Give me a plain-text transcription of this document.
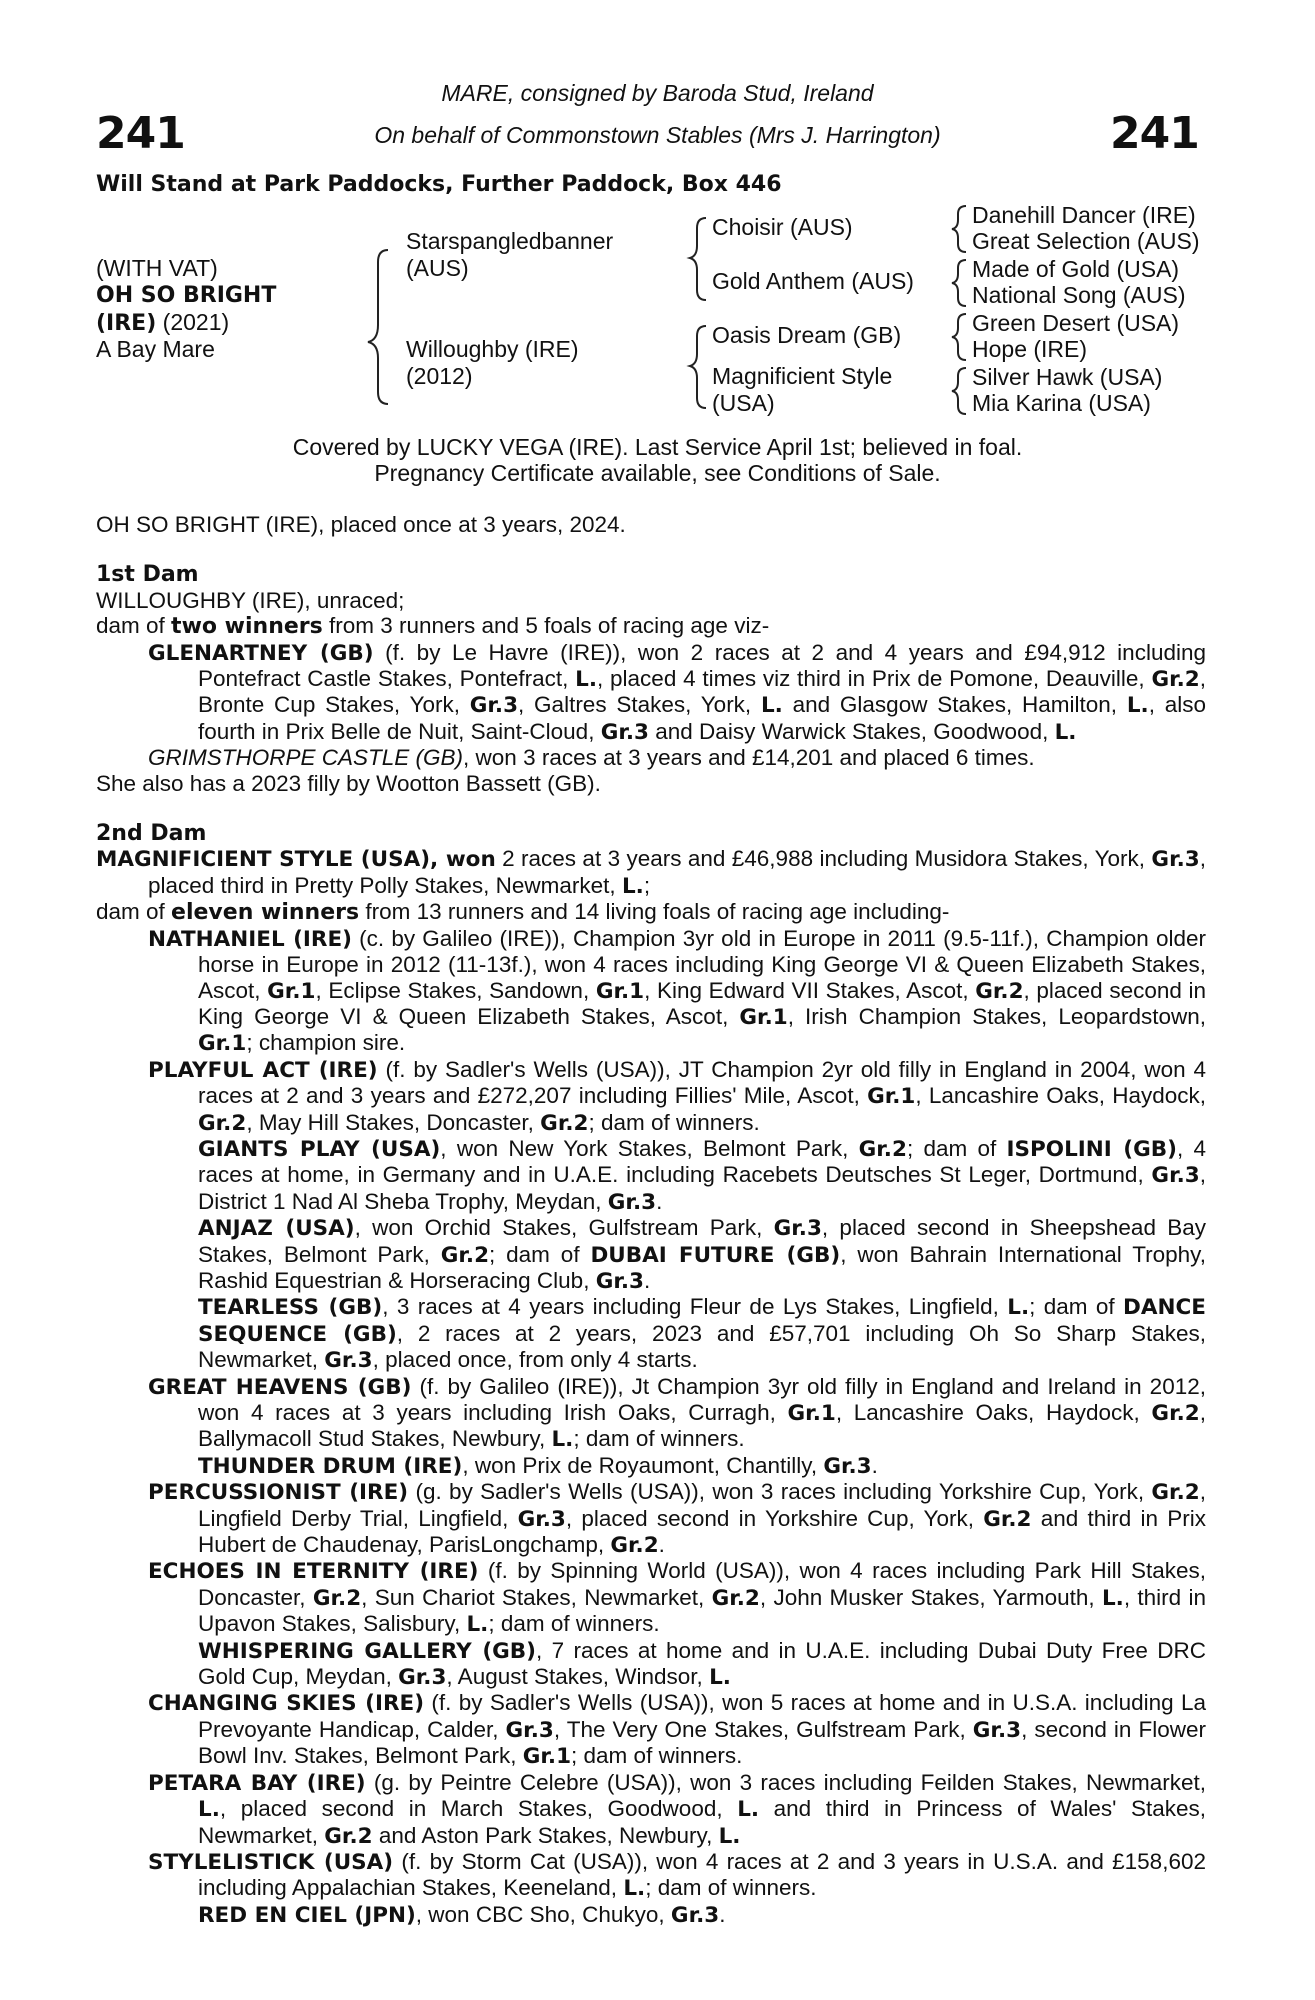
241	241
MARE, consigned by Baroda Stud, Ireland
On behalf of Commonstown Stables (Mrs J. Harrington)
Will Stand at Park Paddocks, Further Paddock, Box 446
(WITH VAT)
OH SO BRIGHT
(IRE) (2021)
A Bay Mare
Starspangledbanner
(AUS)
Willoughby (IRE)
(2012)
Choisir (AUS)
Gold Anthem (AUS)
Oasis Dream (GB)
Magnificient Style
(USA)
Danehill Dancer (IRE)
Great Selection (AUS)
Made of Gold (USA)
National Song (AUS)
Green Desert (USA)
Hope (IRE)
Silver Hawk (USA)
Mia Karina (USA)
Covered by LUCKY VEGA (IRE). Last Service April 1st; believed in foal.
Pregnancy Certificate available, see Conditions of Sale.

OH SO BRIGHT (IRE), placed once at 3 years, 2024.

1st Dam

WILLOUGHBY (IRE), unraced;

dam of two winners from 3 runners and 5 foals of racing age viz-

GLENARTNEY (GB) (f. by Le Havre (IRE)), won 2 races at 2 and 4 years and £94,912 including Pontefract Castle Stakes, Pontefract, L., placed 4 times viz third in Prix de Pomone, Deauville, Gr.2, Bronte Cup Stakes, York, Gr.3, Galtres Stakes, York, L. and Glasgow Stakes, Hamilton, L., also fourth in Prix Belle de Nuit, Saint-Cloud, Gr.3 and Daisy Warwick Stakes, Goodwood, L.

GRIMSTHORPE CASTLE (GB), won 3 races at 3 years and £14,201 and placed 6 times.

She also has a 2023 filly by Wootton Bassett (GB).

2nd Dam

MAGNIFICIENT STYLE (USA), won 2 races at 3 years and £46,988 including Musidora Stakes, York, Gr.3, placed third in Pretty Polly Stakes, Newmarket, L.;

dam of eleven winners from 13 runners and 14 living foals of racing age including-

NATHANIEL (IRE) (c. by Galileo (IRE)), Champion 3yr old in Europe in 2011 (9.5-11f.), Champion older horse in Europe in 2012 (11-13f.), won 4 races including King George VI & Queen Elizabeth Stakes, Ascot, Gr.1, Eclipse Stakes, Sandown, Gr.1, King Edward VII Stakes, Ascot, Gr.2, placed second in King George VI & Queen Elizabeth Stakes, Ascot, Gr.1, Irish Champion Stakes, Leopardstown, Gr.1; champion sire.

PLAYFUL ACT (IRE) (f. by Sadler's Wells (USA)), JT Champion 2yr old filly in England in 2004, won 4 races at 2 and 3 years and £272,207 including Fillies' Mile, Ascot, Gr.1, Lancashire Oaks, Haydock, Gr.2, May Hill Stakes, Doncaster, Gr.2; dam of winners.

GIANTS PLAY (USA), won New York Stakes, Belmont Park, Gr.2; dam of ISPOLINI (GB), 4 races at home, in Germany and in U.A.E. including Racebets Deutsches St Leger, Dortmund, Gr.3, District 1 Nad Al Sheba Trophy, Meydan, Gr.3.

ANJAZ (USA), won Orchid Stakes, Gulfstream Park, Gr.3, placed second in Sheepshead Bay Stakes, Belmont Park, Gr.2; dam of DUBAI FUTURE (GB), won Bahrain International Trophy, Rashid Equestrian & Horseracing Club, Gr.3.

TEARLESS (GB), 3 races at 4 years including Fleur de Lys Stakes, Lingfield, L.; dam of DANCE SEQUENCE (GB), 2 races at 2 years, 2023 and £57,701 including Oh So Sharp Stakes, Newmarket, Gr.3, placed once, from only 4 starts.

GREAT HEAVENS (GB) (f. by Galileo (IRE)), Jt Champion 3yr old filly in England and Ireland in 2012, won 4 races at 3 years including Irish Oaks, Curragh, Gr.1, Lancashire Oaks, Haydock, Gr.2, Ballymacoll Stud Stakes, Newbury, L.; dam of winners.

THUNDER DRUM (IRE), won Prix de Royaumont, Chantilly, Gr.3.

PERCUSSIONIST (IRE) (g. by Sadler's Wells (USA)), won 3 races including Yorkshire Cup, York, Gr.2, Lingfield Derby Trial, Lingfield, Gr.3, placed second in Yorkshire Cup, York, Gr.2 and third in Prix Hubert de Chaudenay, ParisLongchamp, Gr.2.

ECHOES IN ETERNITY (IRE) (f. by Spinning World (USA)), won 4 races including Park Hill Stakes, Doncaster, Gr.2, Sun Chariot Stakes, Newmarket, Gr.2, John Musker Stakes, Yarmouth, L., third in Upavon Stakes, Salisbury, L.; dam of winners.

WHISPERING GALLERY (GB), 7 races at home and in U.A.E. including Dubai Duty Free DRC Gold Cup, Meydan, Gr.3, August Stakes, Windsor, L.

CHANGING SKIES (IRE) (f. by Sadler's Wells (USA)), won 5 races at home and in U.S.A. including La Prevoyante Handicap, Calder, Gr.3, The Very One Stakes, Gulfstream Park, Gr.3, second in Flower Bowl Inv. Stakes, Belmont Park, Gr.1; dam of winners.

PETARA BAY (IRE) (g. by Peintre Celebre (USA)), won 3 races including Feilden Stakes, Newmarket, L., placed second in March Stakes, Goodwood, L. and third in Princess of Wales' Stakes, Newmarket, Gr.2 and Aston Park Stakes, Newbury, L.

STYLELISTICK (USA) (f. by Storm Cat (USA)), won 4 races at 2 and 3 years in U.S.A. and £158,602 including Appalachian Stakes, Keeneland, L.; dam of winners.

RED EN CIEL (JPN), won CBC Sho, Chukyo, Gr.3.
